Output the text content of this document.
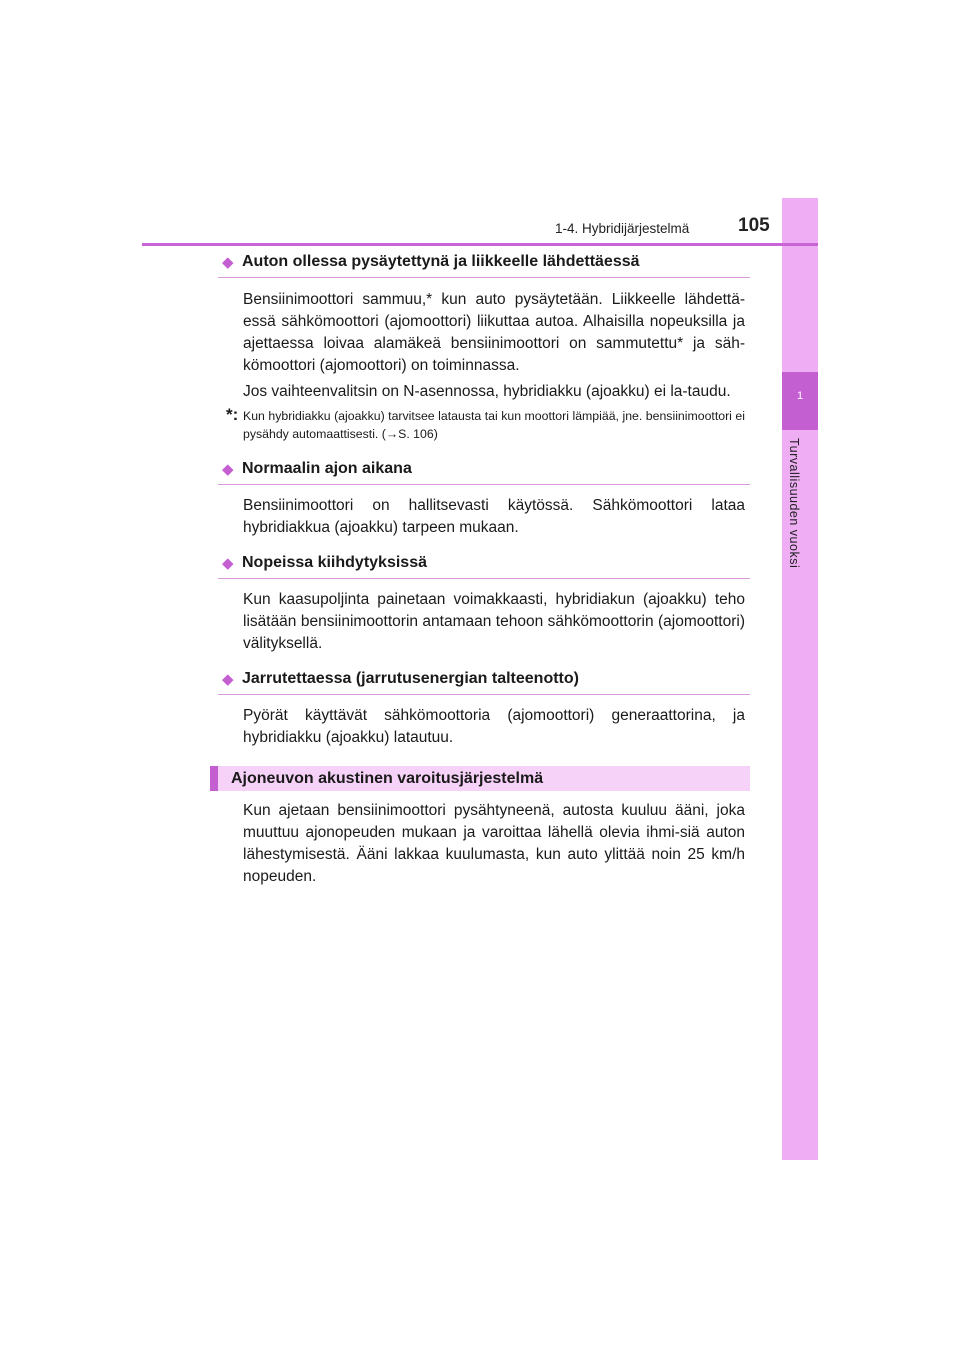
1
Turvallisuuden vuoksi
1-4. Hybridijärjestelmä	105
◆ Auton ollessa pysäytettynä ja liikkeelle lähdettäessä

Bensiinimoottori sammuu,* kun auto pysäytetään. Liikkeelle lähdettä-essä sähkömoottori (ajomoottori) liikuttaa autoa. Alhaisilla nopeuksilla ja ajettaessa loivaa alamäkeä bensiinimoottori on sammutettu* ja säh-kömoottori (ajomoottori) on toiminnassa.

Jos vaihteenvalitsin on N-asennossa, hybridiakku (ajoakku) ei la-taudu.

*: Kun hybridiakku (ajoakku) tarvitsee latausta tai kun moottori lämpiää, jne. bensiinimoottori ei pysähdy automaattisesti. (→S. 106)
◆ Normaalin ajon aikana

Bensiinimoottori on hallitsevasti käytössä. Sähkömoottori lataa hybridiakkua (ajoakku) tarpeen mukaan.

◆ Nopeissa kiihdytyksissä

Kun kaasupoljinta painetaan voimakkaasti, hybridiakun (ajoakku) teho lisätään bensiinimoottorin antamaan tehoon sähkömoottorin (ajomoottori) välityksellä.

◆ Jarrutettaessa (jarrutusenergian talteenotto)

Pyörät käyttävät sähkömoottoria (ajomoottori) generaattorina, ja hybridiakku (ajoakku) latautuu.

Ajoneuvon akustinen varoitusjärjestelmä

Kun ajetaan bensiinimoottori pysähtyneenä, autosta kuuluu ääni, joka muuttuu ajonopeuden mukaan ja varoittaa lähellä olevia ihmi-siä auton lähestymisestä. Ääni lakkaa kuulumasta, kun auto ylittää noin 25 km/h nopeuden.
